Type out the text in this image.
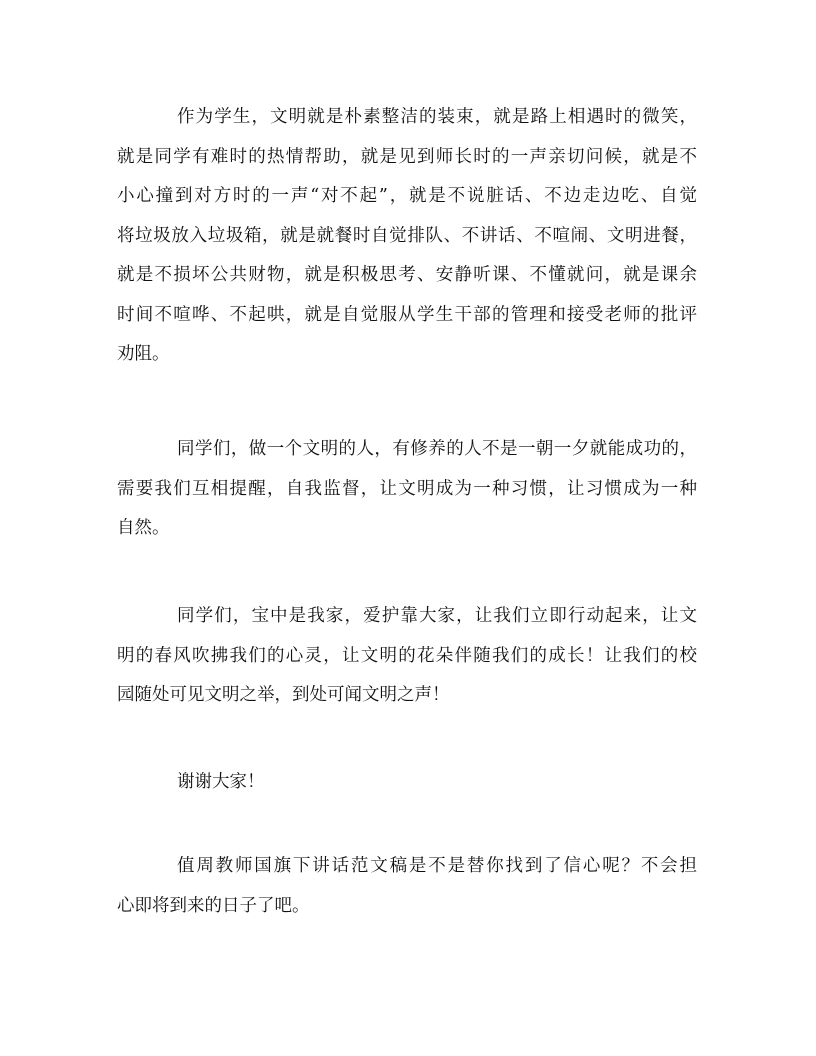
作为学生，文明就是朴素整洁的装束，就是路上相遇时的微笑，
就是同学有难时的热情帮助，就是见到师长时的一声亲切问候，就是不
小心撞到对方时的一声“对不起”，就是不说脏话、不边走边吃、自觉
将垃圾放入垃圾箱，就是就餐时自觉排队、不讲话、不喧闹、文明进餐，
就是不损坏公共财物，就是积极思考、安静听课、不懂就问，就是课余
时间不喧哗、不起哄，就是自觉服从学生干部的管理和接受老师的批评
劝阻。
同学们，做一个文明的人，有修养的人不是一朝一夕就能成功的，
需要我们互相提醒，自我监督，让文明成为一种习惯，让习惯成为一种
自然。
同学们，宝中是我家，爱护靠大家，让我们立即行动起来，让文
明的春风吹拂我们的心灵，让文明的花朵伴随我们的成长！让我们的校
园随处可见文明之举，到处可闻文明之声！
谢谢大家！
值周教师国旗下讲话范文稿是不是替你找到了信心呢？不会担
心即将到来的日子了吧。
